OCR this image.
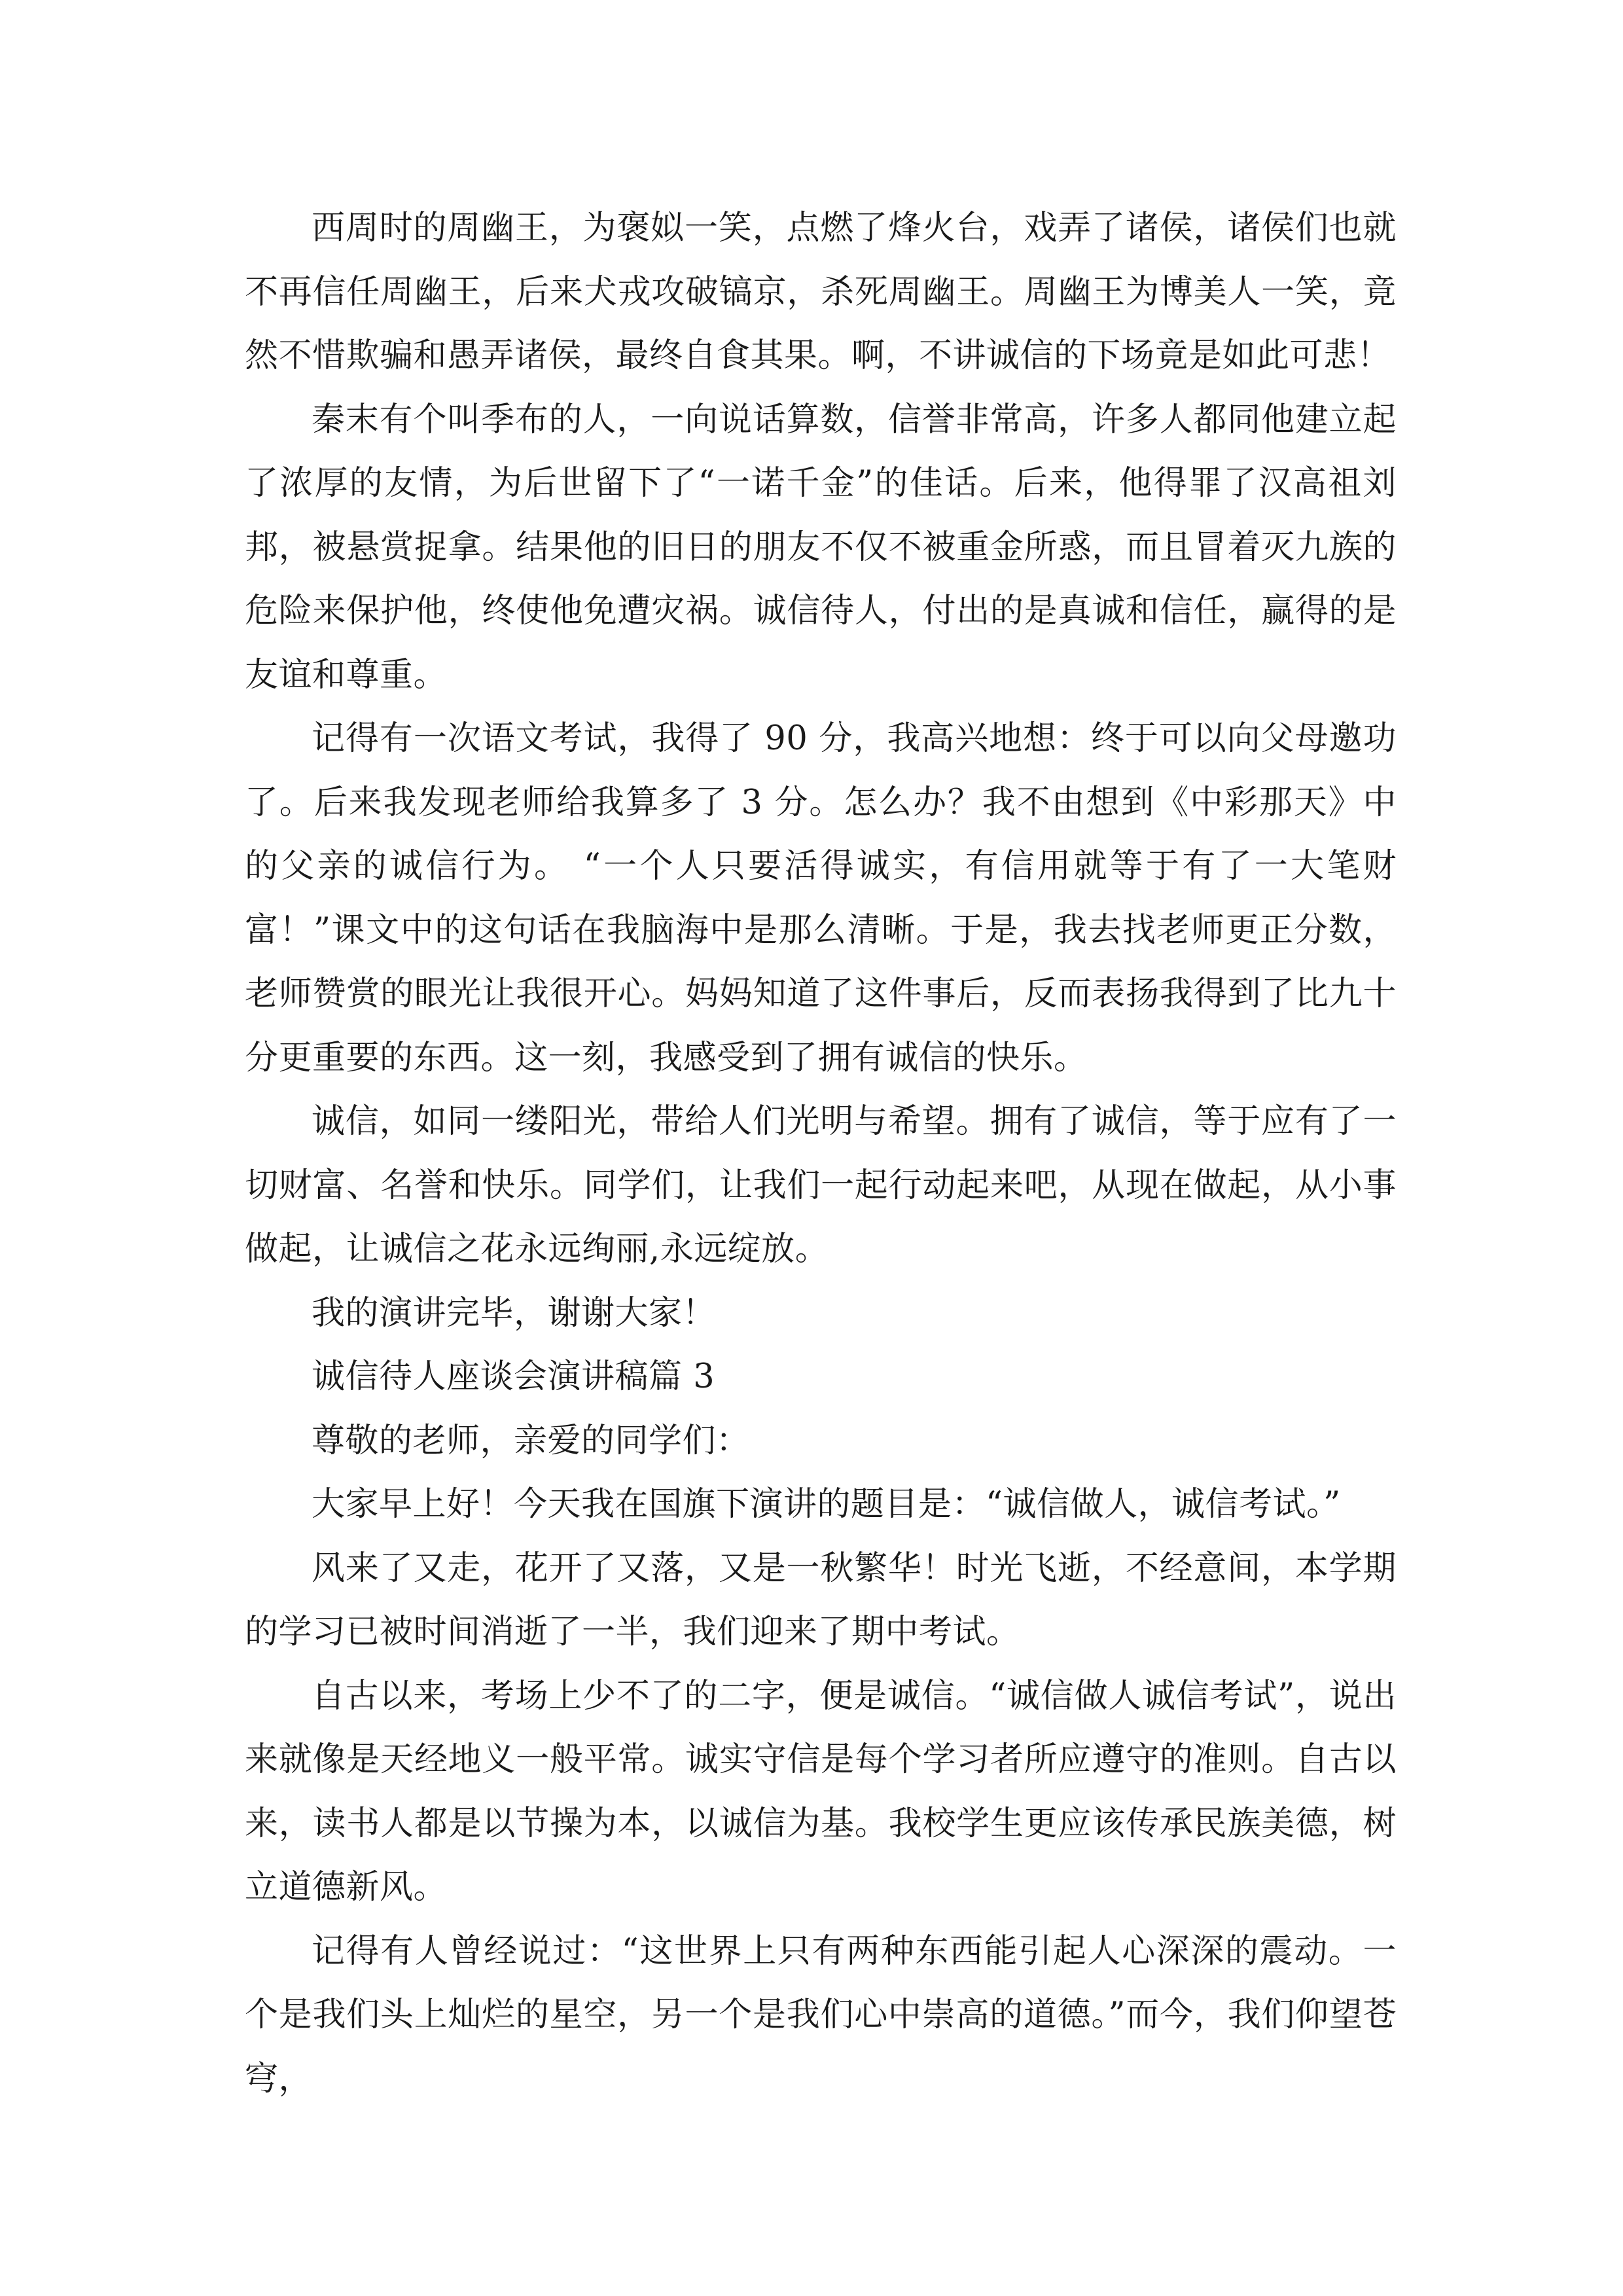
西周时的周幽王，为褒姒一笑，点燃了烽火台，戏弄了诸侯，诸侯们也就不再信任周幽王，后来犬戎攻破镐京，杀死周幽王。周幽王为博美人一笑，竟然不惜欺骗和愚弄诸侯，最终自食其果。啊，不讲诚信的下场竟是如此可悲！

秦末有个叫季布的人，一向说话算数，信誉非常高，许多人都同他建立起了浓厚的友情，为后世留下了“一诺千金”的佳话。后来，他得罪了汉高祖刘邦，被悬赏捉拿。结果他的旧日的朋友不仅不被重金所惑，而且冒着灭九族的危险来保护他，终使他免遭灾祸。诚信待人，付出的是真诚和信任，赢得的是友谊和尊重。

记得有一次语文考试，我得了 90 分，我高兴地想：终于可以向父母邀功了。后来我发现老师给我算多了 3 分。怎么办？我不由想到《中彩那天》中的父亲的诚信行为。 “一个人只要活得诚实，有信用就等于有了一大笔财富！”课文中的这句话在我脑海中是那么清晰。于是，我去找老师更正分数，老师赞赏的眼光让我很开心。妈妈知道了这件事后，反而表扬我得到了比九十分更重要的东西。这一刻，我感受到了拥有诚信的快乐。

诚信，如同一缕阳光，带给人们光明与希望。拥有了诚信，等于应有了一切财富、名誉和快乐。同学们，让我们一起行动起来吧，从现在做起，从小事做起，让诚信之花永远绚丽,永远绽放。

我的演讲完毕，谢谢大家！

诚信待人座谈会演讲稿篇 3

尊敬的老师，亲爱的同学们：

大家早上好！今天我在国旗下演讲的题目是：“诚信做人，诚信考试。”

风来了又走，花开了又落，又是一秋繁华！时光飞逝，不经意间，本学期的学习已被时间消逝了一半，我们迎来了期中考试。

自古以来，考场上少不了的二字，便是诚信。“诚信做人诚信考试”，说出来就像是天经地义一般平常。诚实守信是每个学习者所应遵守的准则。自古以来，读书人都是以节操为本，以诚信为基。我校学生更应该传承民族美德，树立道德新风。

记得有人曾经说过：“这世界上只有两种东西能引起人心深深的震动。一个是我们头上灿烂的星空，另一个是我们心中崇高的道德。”而今，我们仰望苍穹，
